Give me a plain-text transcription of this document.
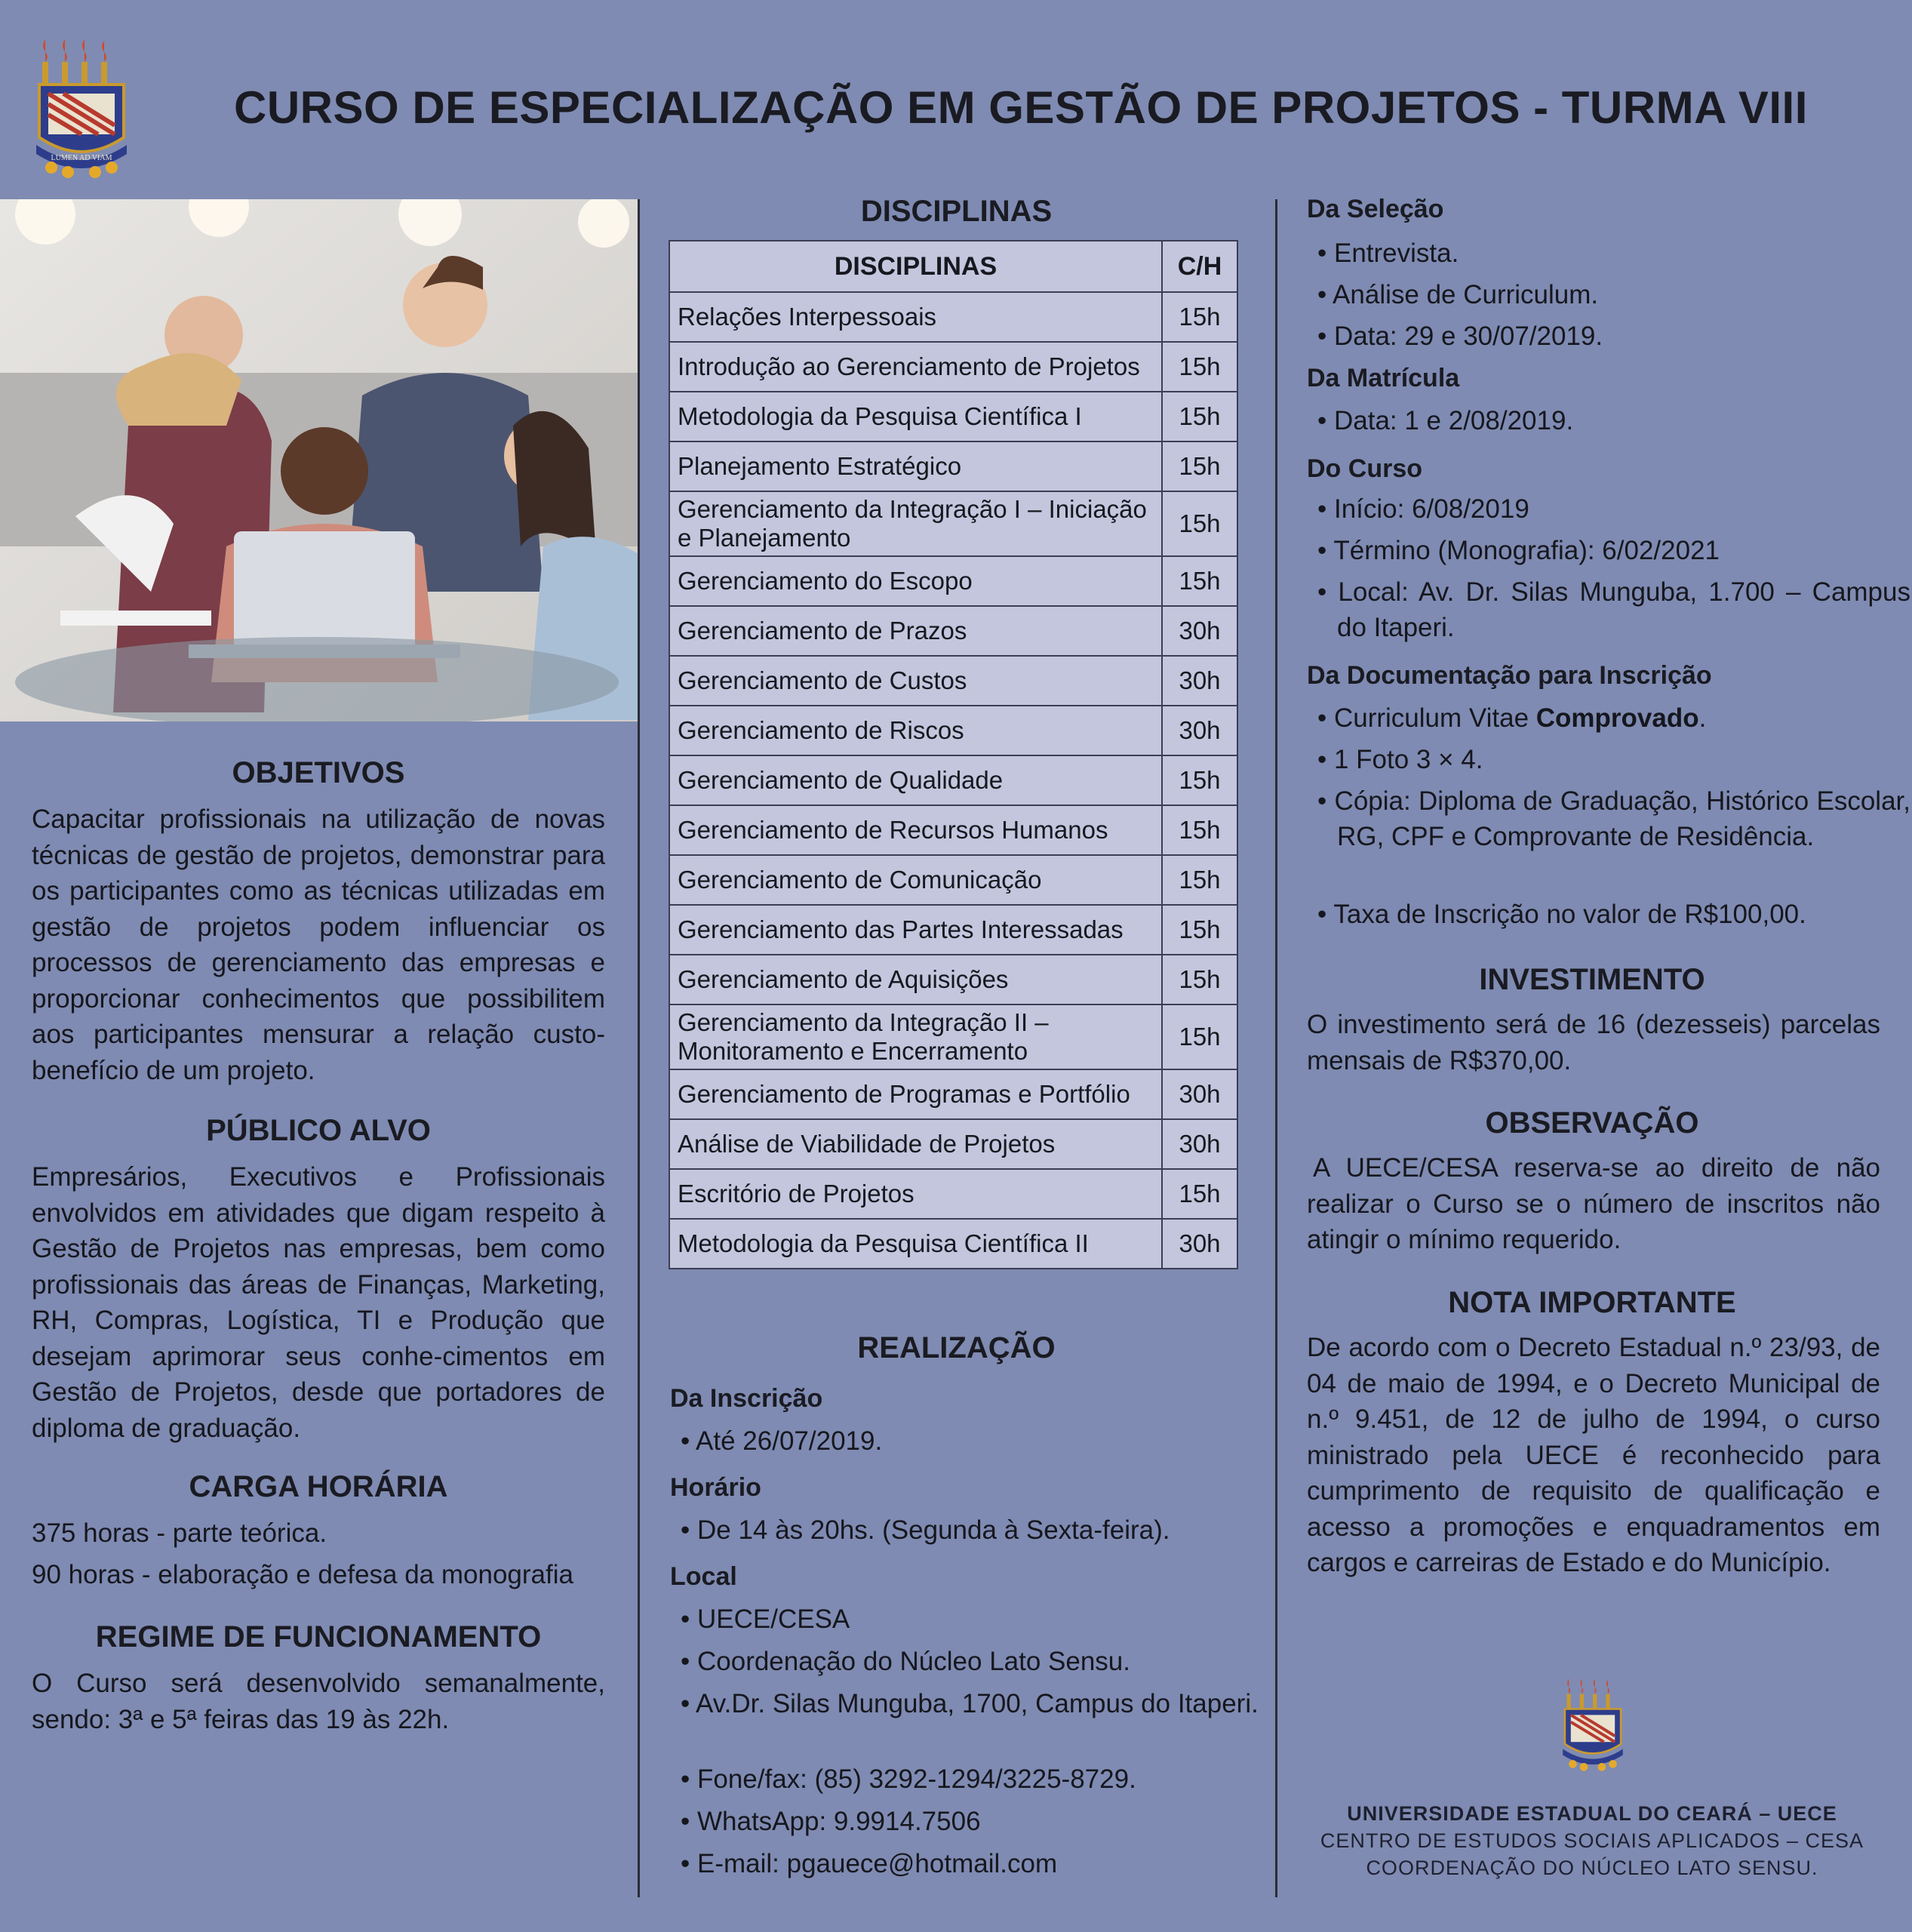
LUMEN AD VIAM
CURSO DE ESPECIALIZAÇÃO EM GESTÃO DE PROJETOS - TURMA VIII
OBJETIVOS
Capacitar profissionais na utilização de novas técnicas de gestão de projetos, demonstrar para os participantes como as técnicas utilizadas em gestão de projetos podem influenciar os processos de gerenciamento das empresas e proporcionar conhecimentos que possibilitem aos participantes mensurar a relação custo-benefício de um projeto.
PÚBLICO ALVO
Empresários, Executivos e Profissionais envolvidos em atividades que digam respeito à Gestão de Projetos nas empresas, bem como profissionais das áreas de Finanças, Marketing, RH, Compras, Logística, TI e Produção que desejam aprimorar seus conhe-cimentos em Gestão de Projetos, desde que portadores de diploma de graduação.
CARGA HORÁRIA
375 horas - parte teórica.
90 horas - elaboração e defesa da monografia
REGIME DE FUNCIONAMENTO
O Curso será desenvolvido semanalmente, sendo: 3ª e 5ª feiras das 19 às 22h.
DISCIPLINAS
DISCIPLINAS	C/H
Relações Interpessoais	15h
Introdução ao Gerenciamento de Projetos	15h
Metodologia da Pesquisa Científica I	15h
Planejamento Estratégico	15h
Gerenciamento da Integração I – Iniciação e Planejamento	15h
Gerenciamento do Escopo	15h
Gerenciamento de Prazos	30h
Gerenciamento de Custos	30h
Gerenciamento de Riscos	30h
Gerenciamento de Qualidade	15h
Gerenciamento de Recursos Humanos	15h
Gerenciamento de Comunicação	15h
Gerenciamento das Partes Interessadas	15h
Gerenciamento de Aquisições	15h
Gerenciamento da Integração II – Monitoramento e Encerramento	15h
Gerenciamento de Programas e Portfólio	30h
Análise de Viabilidade de Projetos	30h
Escritório de Projetos	15h
Metodologia da Pesquisa Científica II	30h
REALIZAÇÃO
Da Inscrição
• Até 26/07/2019.
Horário
• De 14 às 20hs. (Segunda à Sexta-feira).
Local
• UECE/CESA
• Coordenação do Núcleo Lato Sensu.
• Av.Dr. Silas Munguba, 1700, Campus do Itaperi.
• Fone/fax: (85) 3292-1294/3225-8729.
• WhatsApp: 9.9914.7506
• E-mail: pgauece@hotmail.com
Da Seleção
• Entrevista.
• Análise de Curriculum.
• Data: 29 e 30/07/2019.
Da Matrícula
• Data: 1 e 2/08/2019.
Do Curso
• Início: 6/08/2019
• Término (Monografia): 6/02/2021
• Local: Av. Dr. Silas Munguba, 1.700 – Campus do Itaperi.
Da Documentação para Inscrição
• Curriculum Vitae Comprovado.
• 1 Foto 3 × 4.
• Cópia: Diploma de Graduação, Histórico Escolar, RG, CPF e Comprovante de Residência.
• Taxa de Inscrição no valor de R$100,00.
INVESTIMENTO
O investimento será de 16 (dezesseis) parcelas mensais de R$370,00.
OBSERVAÇÃO
A UECE/CESA reserva-se ao direito de não realizar o Curso se o número de inscritos não atingir o mínimo requerido.
NOTA IMPORTANTE
De acordo com o Decreto Estadual n.º 23/93, de 04 de maio de 1994, e o Decreto Municipal de n.º 9.451, de 12 de julho de 1994, o curso ministrado pela UECE é reconhecido para cumprimento de requisito de qualificação e acesso a promoções e enquadramentos em cargos e carreiras de Estado e do Município.
UNIVERSIDADE ESTADUAL DO CEARÁ – UECE
CENTRO DE ESTUDOS SOCIAIS APLICADOS – CESA
COORDENAÇÃO DO NÚCLEO LATO SENSU.
